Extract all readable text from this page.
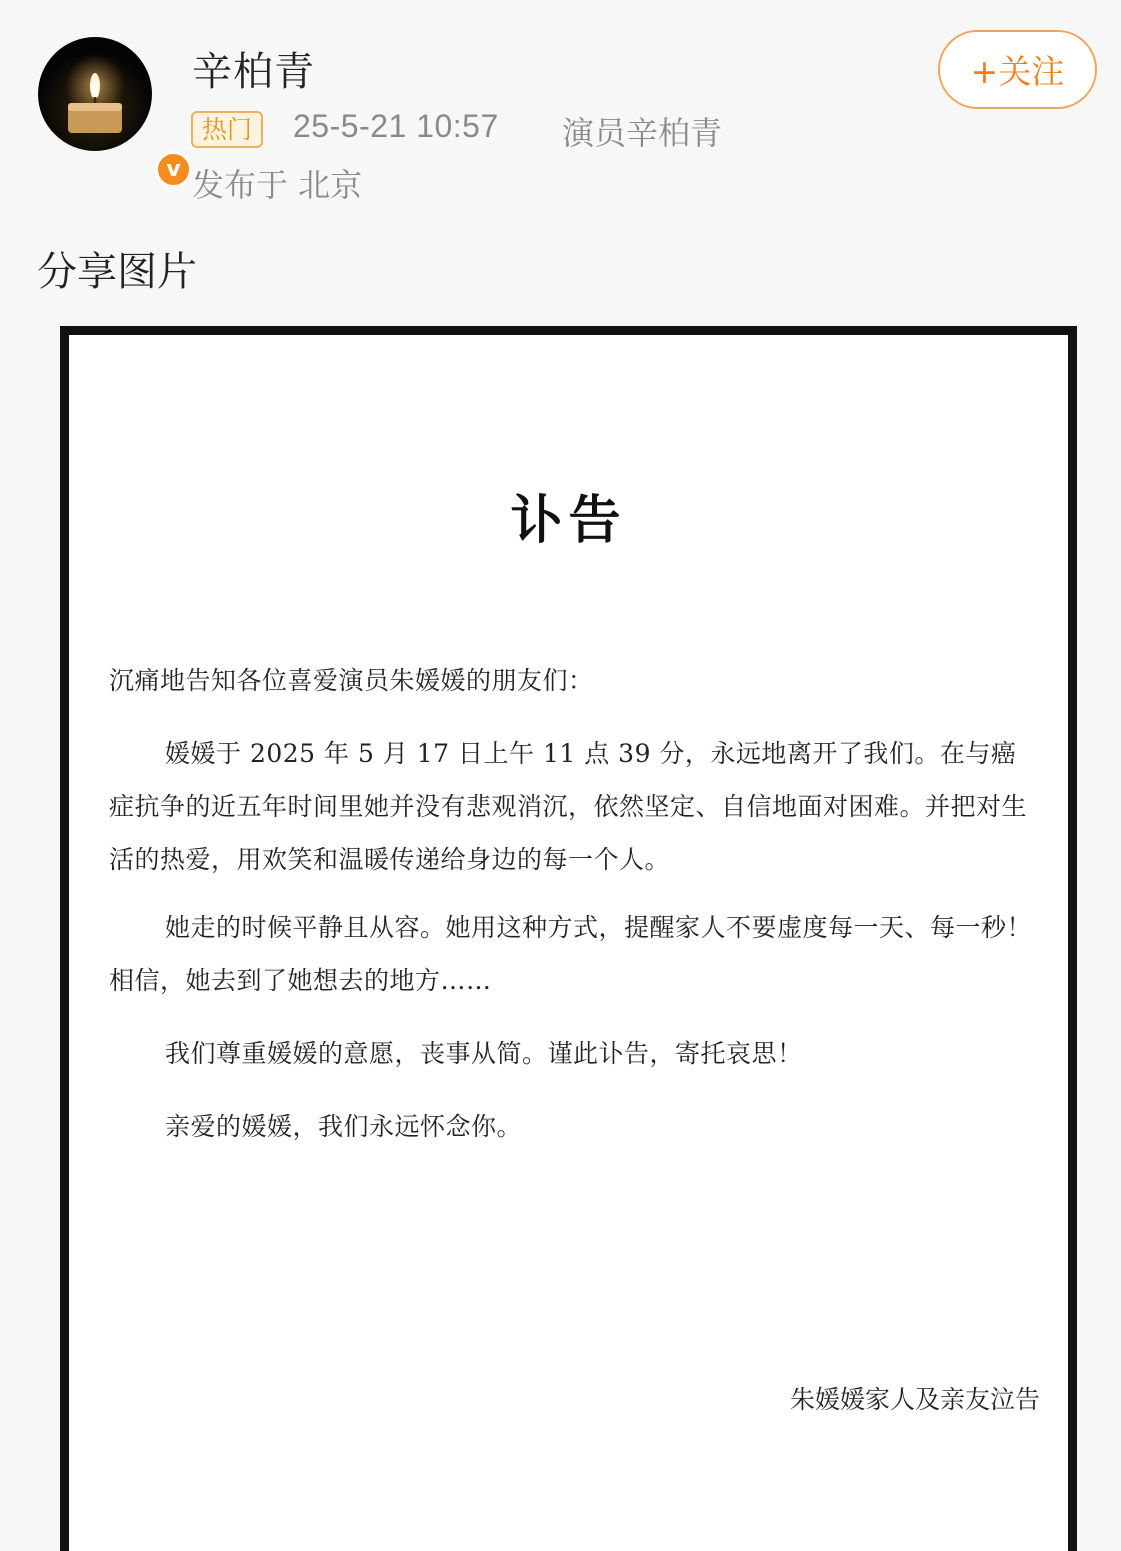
v
辛柏青
热门	25-5-21 10:57 演员辛柏青
发布于 北京
+关注
分享图片
讣告

沉痛地告知各位喜爱演员朱媛媛的朋友们：

媛媛于 2025 年 5 月 17 日上午 11 点 39 分，永远地离开了我们。在与癌症抗争的近五年时间里她并没有悲观消沉，依然坚定、自信地面对困难。并把对生活的热爱，用欢笑和温暖传递给身边的每一个人。

她走的时候平静且从容。她用这种方式，提醒家人不要虚度每一天、每一秒！相信，她去到了她想去的地方……

我们尊重媛媛的意愿，丧事从简。谨此讣告，寄托哀思！

亲爱的媛媛，我们永远怀念你。

朱媛媛家人及亲友泣告
